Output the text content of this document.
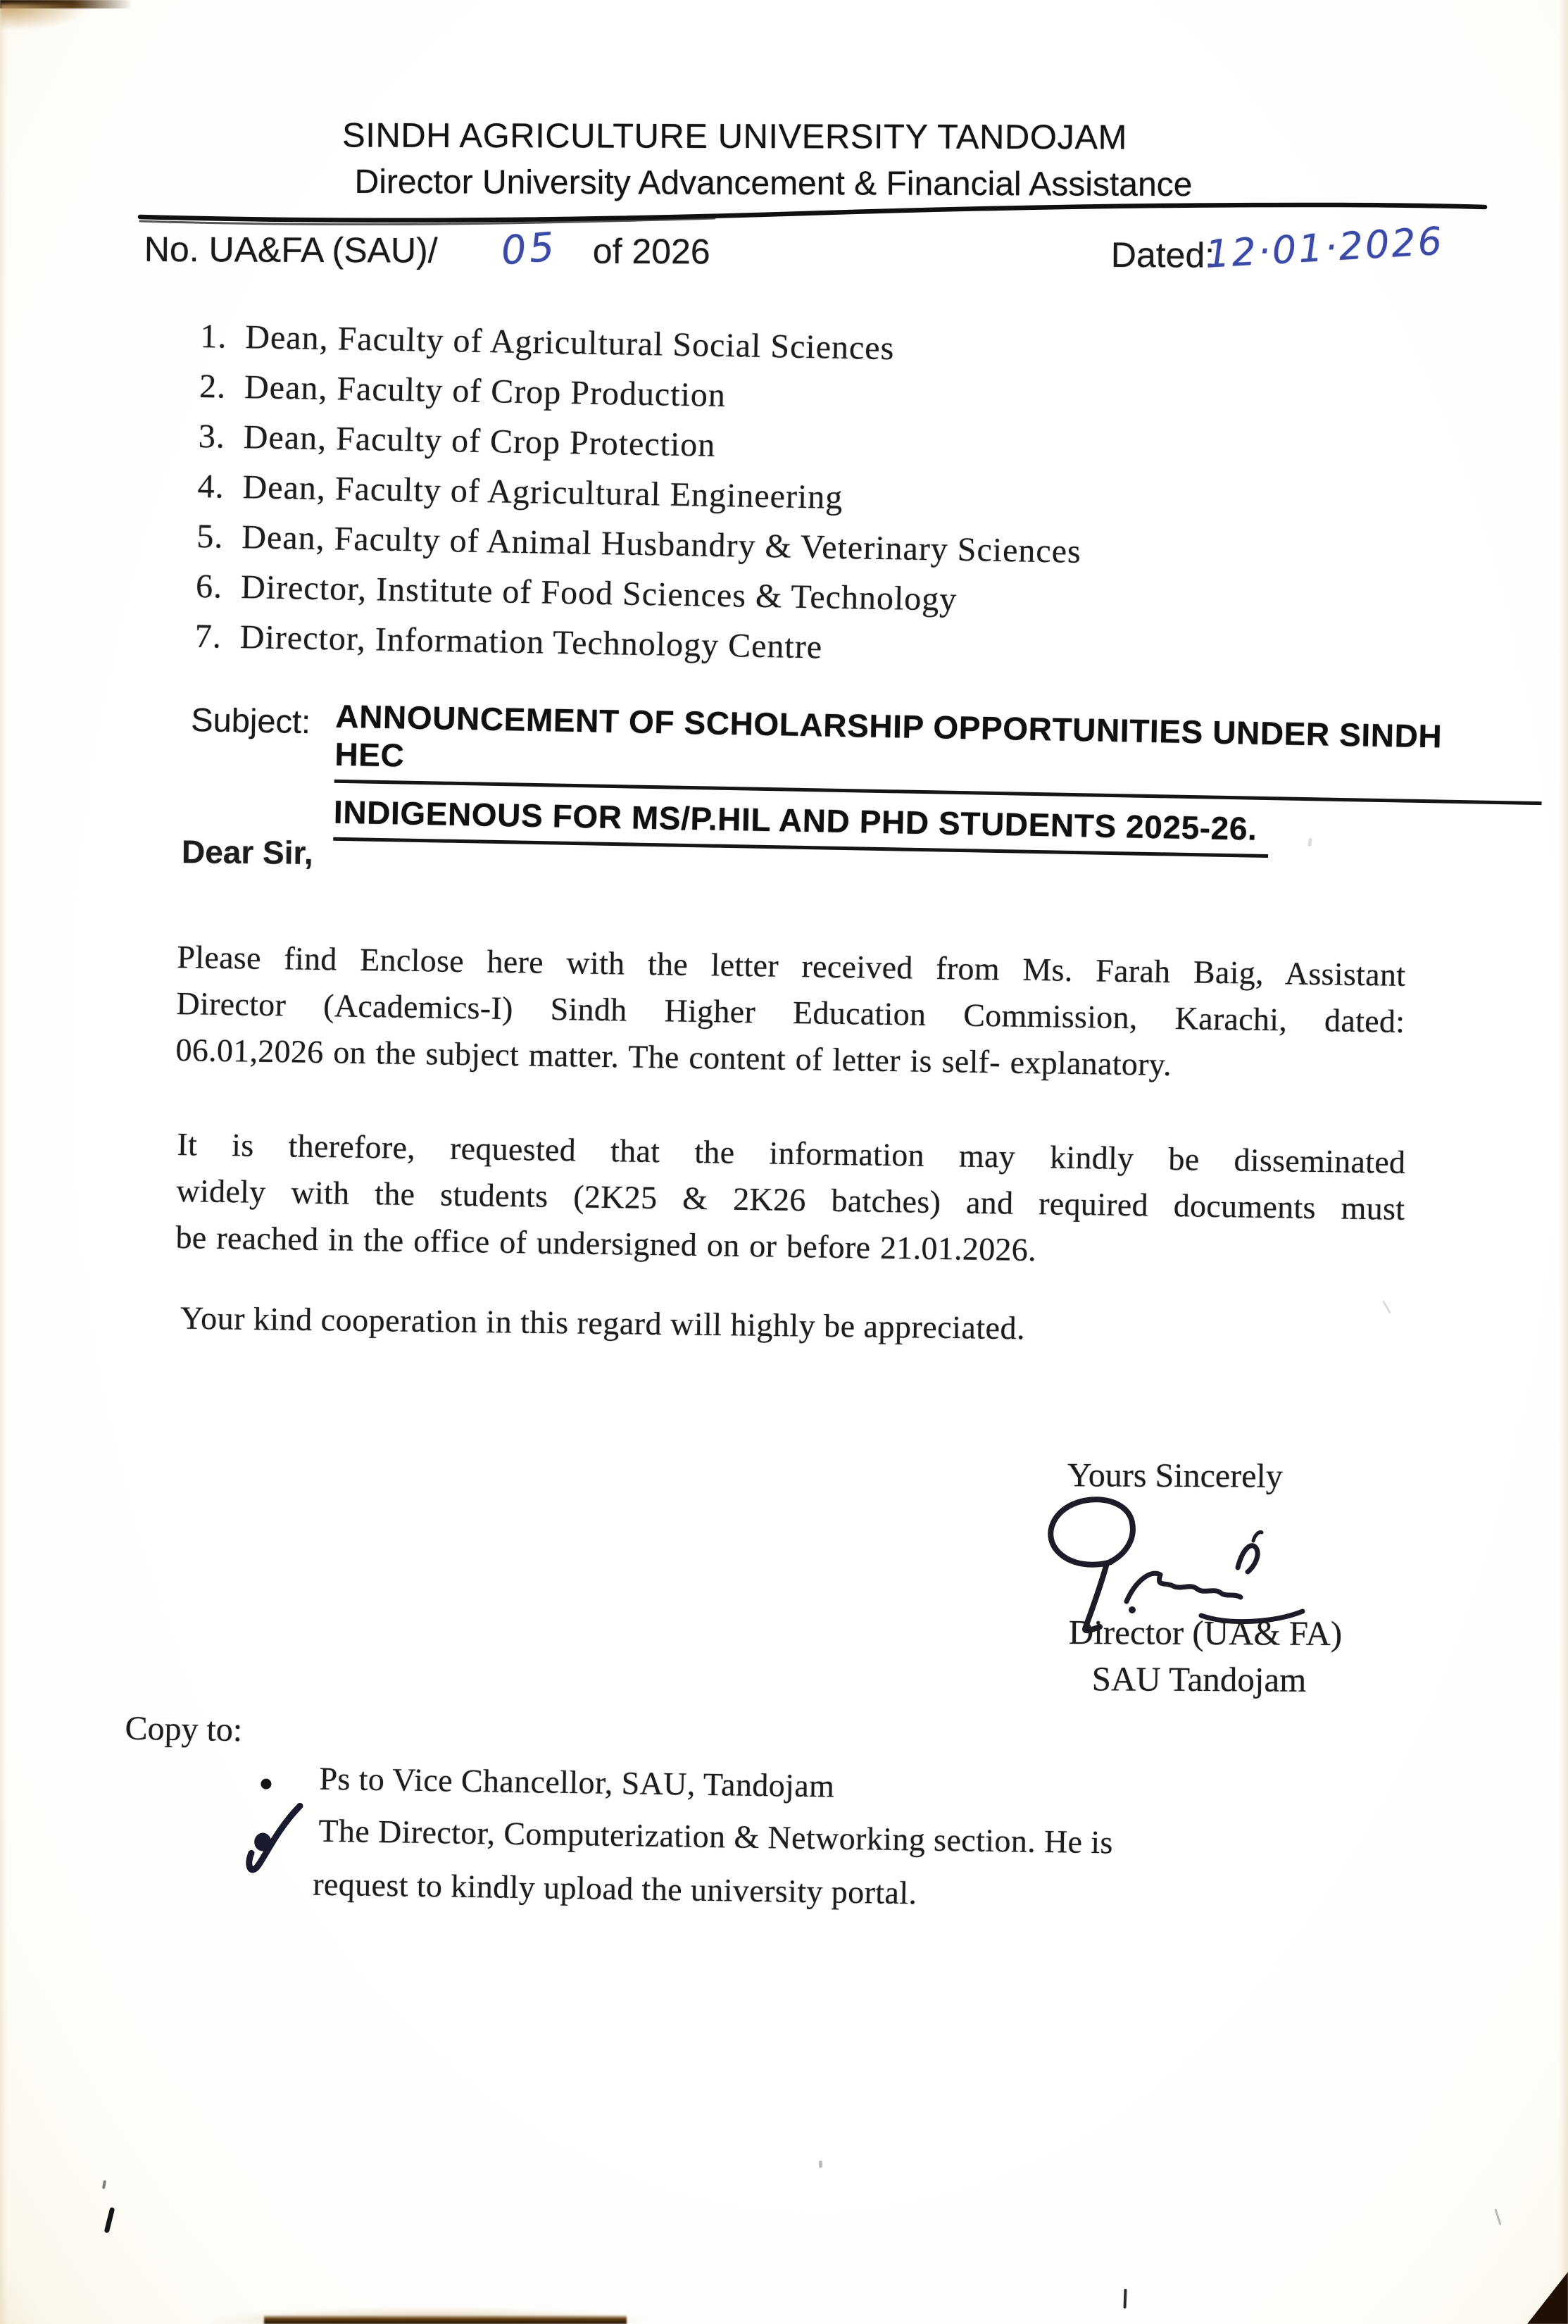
SINDH AGRICULTURE UNIVERSITY TANDOJAM
Director University Advancement & Financial Assistance
No. UA&FA (SAU)/ 05 of 2026	Dated:
12·01·2026
1. Dean, Faculty of Agricultural Social Sciences
2. Dean, Faculty of Crop Production
3. Dean, Faculty of Crop Protection
4. Dean, Faculty of Agricultural Engineering
5. Dean, Faculty of Animal Husbandry & Veterinary Sciences
6. Director, Institute of Food Sciences & Technology
7. Director, Information Technology Centre
Subject: ANNOUNCEMENT OF SCHOLARSHIP OPPORTUNITIES UNDER SINDH HEC
INDIGENOUS FOR MS/P.HIL AND PHD STUDENTS 2025-26.
Dear Sir,
Please find Enclose here with the letter received from Ms. Farah Baig, Assistant
Director (Academics-I) Sindh Higher Education Commission, Karachi, dated:
06.01,2026 on the subject matter. The content of letter is self- explanatory.
It is therefore, requested that the information may kindly be disseminated
widely with the students (2K25 & 2K26 batches) and required documents must
be reached in the office of undersigned on or before 21.01.2026.
Your kind cooperation in this regard will highly be appreciated.
Yours Sincerely
Director (UA& FA)
SAU Tandojam
Copy to:
Ps to Vice Chancellor, SAU, Tandojam
The Director, Computerization & Networking section. He is
request to kindly upload the university portal.
